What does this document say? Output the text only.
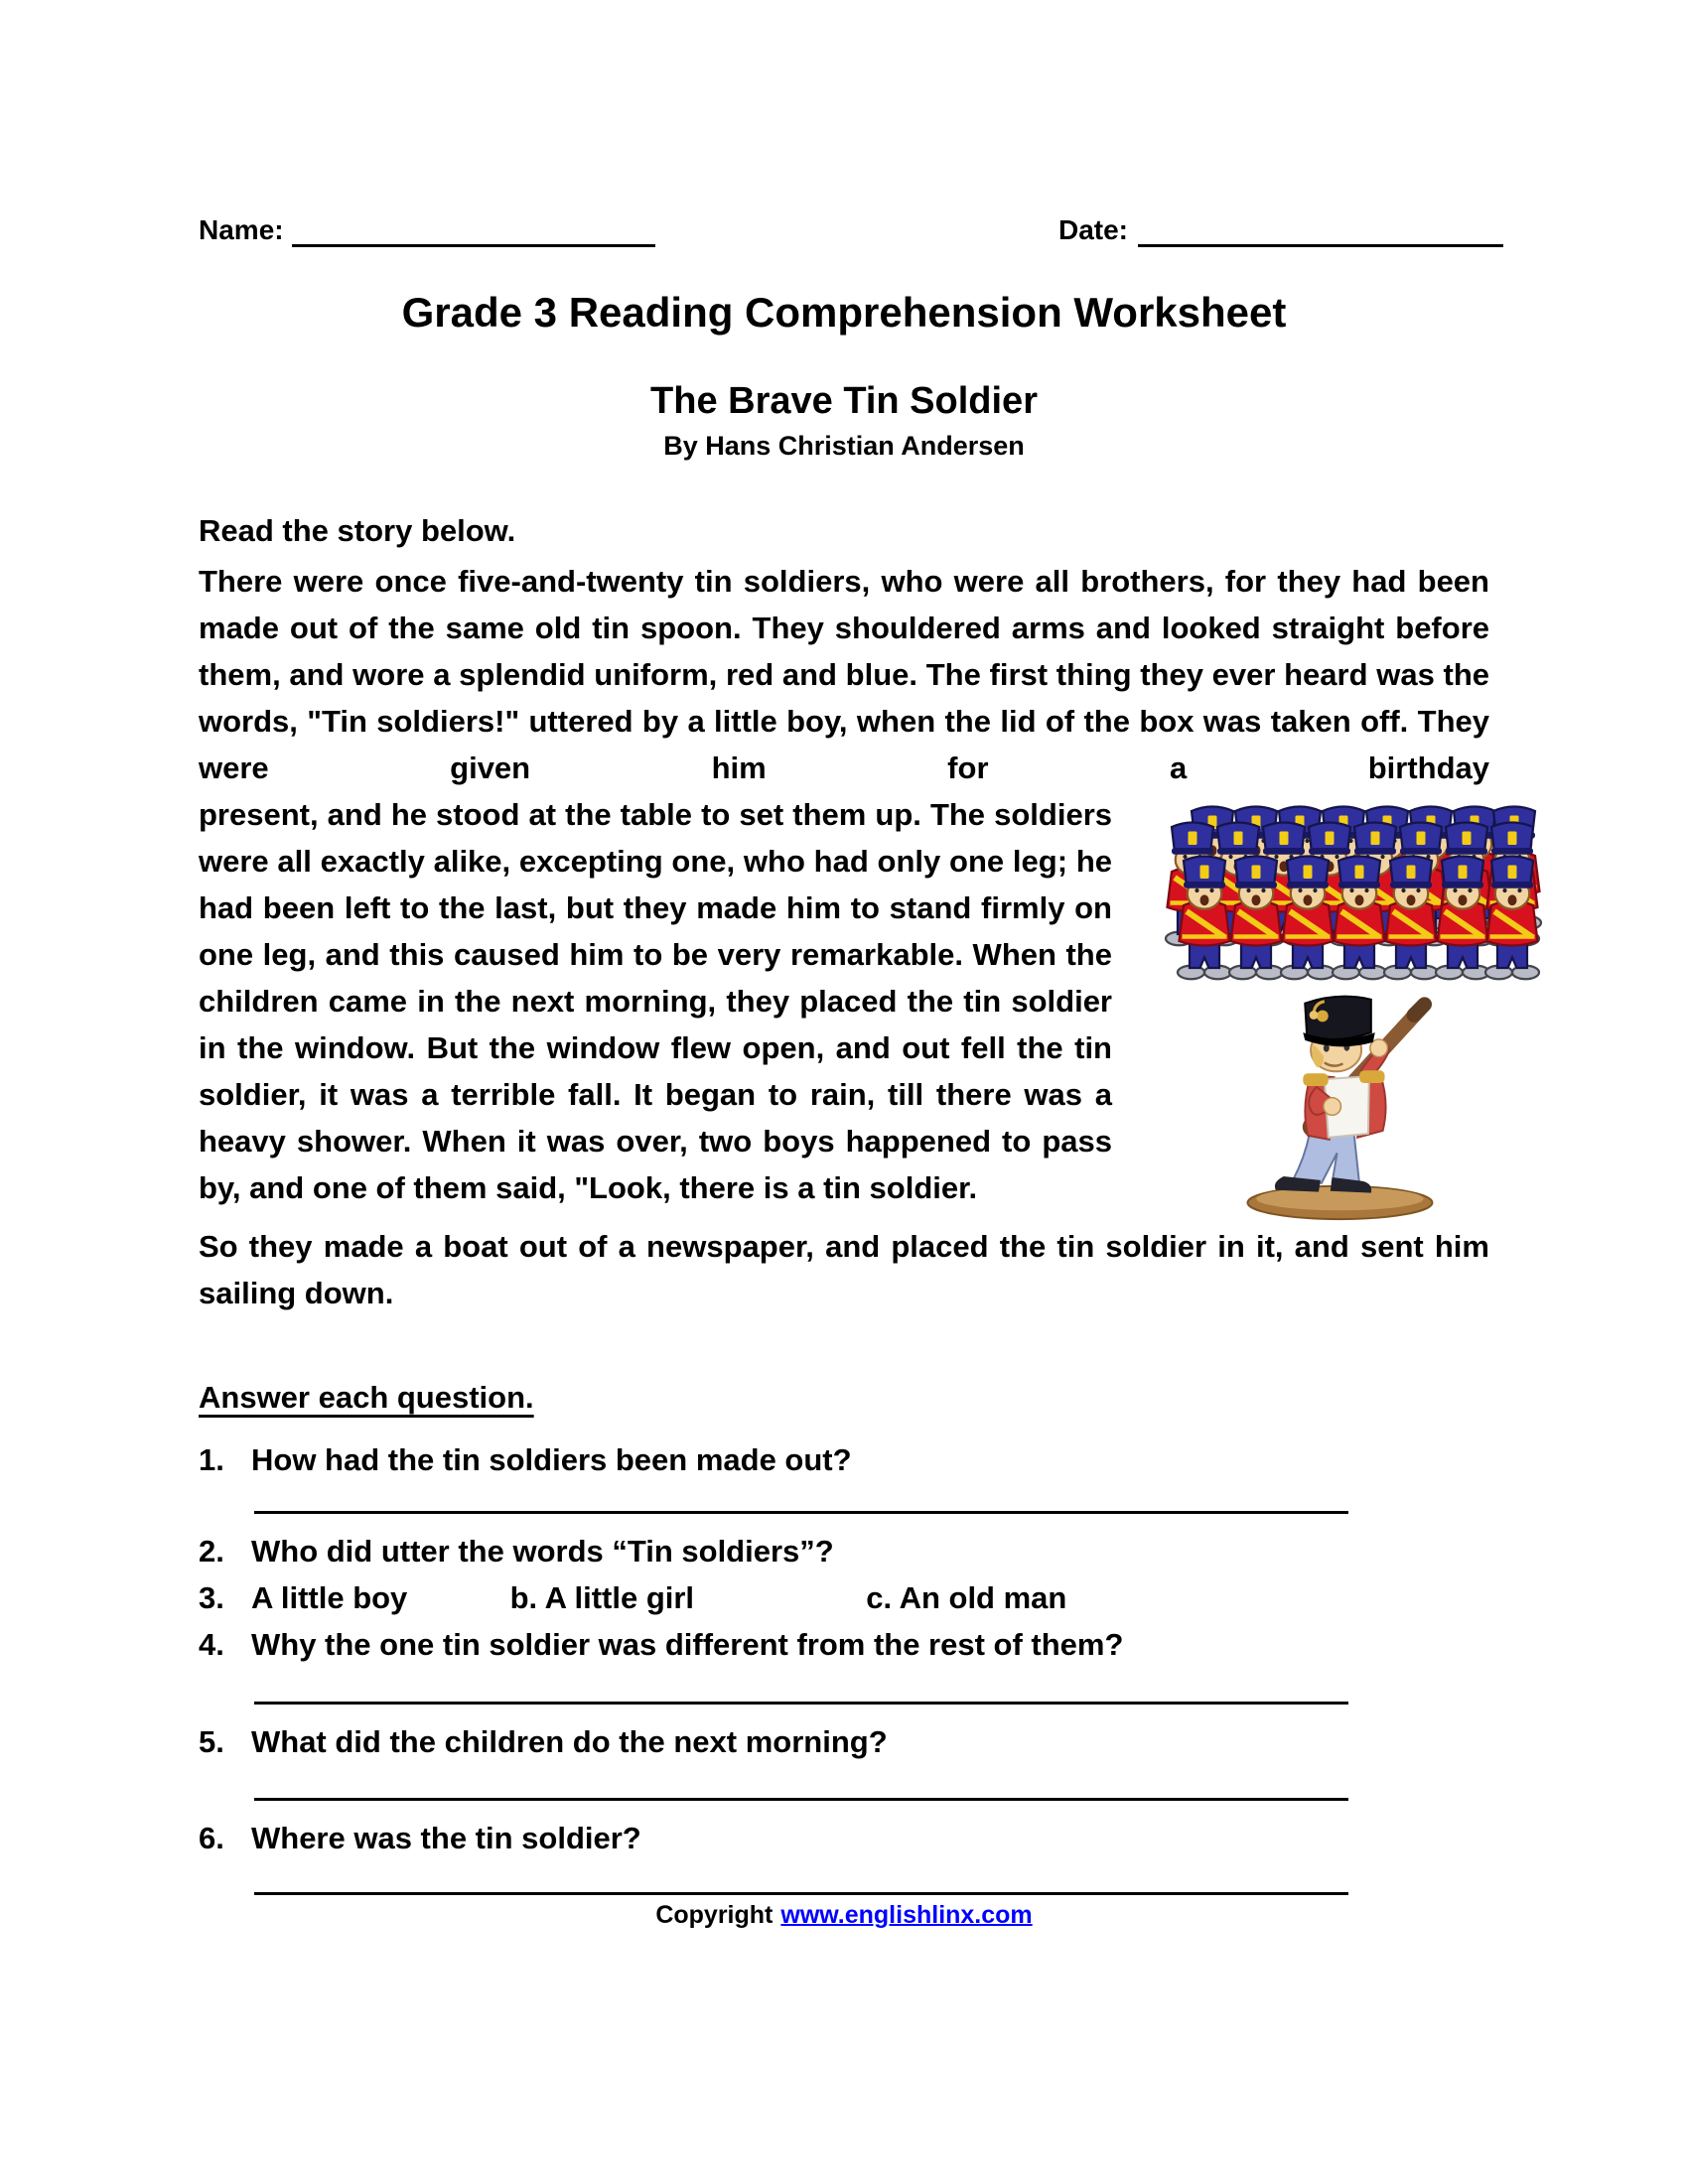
Name:	Date:
Grade 3 Reading Comprehension Worksheet
The Brave Tin Soldier
By Hans Christian Andersen
Read the story below.
There were once five-and-twenty tin soldiers, who were all brothers, for they had been made out of the same old tin spoon. They shouldered arms and looked straight before them, and wore a splendid uniform, red and blue. The first thing they ever heard was the words, "Tin soldiers!" uttered by a little boy, when the lid of the box was taken off. They were given him for a birthday
present, and he stood at the table to set them up. The soldiers were all exactly alike, excepting one, who had only one leg; he had been left to the last, but they made him to stand firmly on one leg, and this caused him to be very remarkable. When the children came in the next morning, they placed the tin soldier in the window. But the window flew open, and out fell the tin soldier, it was a terrible fall. It began to rain, till there was a heavy shower. When it was over, two boys happened to pass by, and one of them said, "Look, there is a tin soldier.
So they made a boat out of a newspaper, and placed the tin soldier in it, and sent him sailing down.
Answer each question.
1. How had the tin soldiers been made out?
2. Who did utter the words “Tin soldiers”?
3. A little boy	b. A little girl	c. An old man
4. Why the one tin soldier was different from the rest of them?
5. What did the children do the next morning?
6. Where was the tin soldier?
Copyright www.englishlinx.com
